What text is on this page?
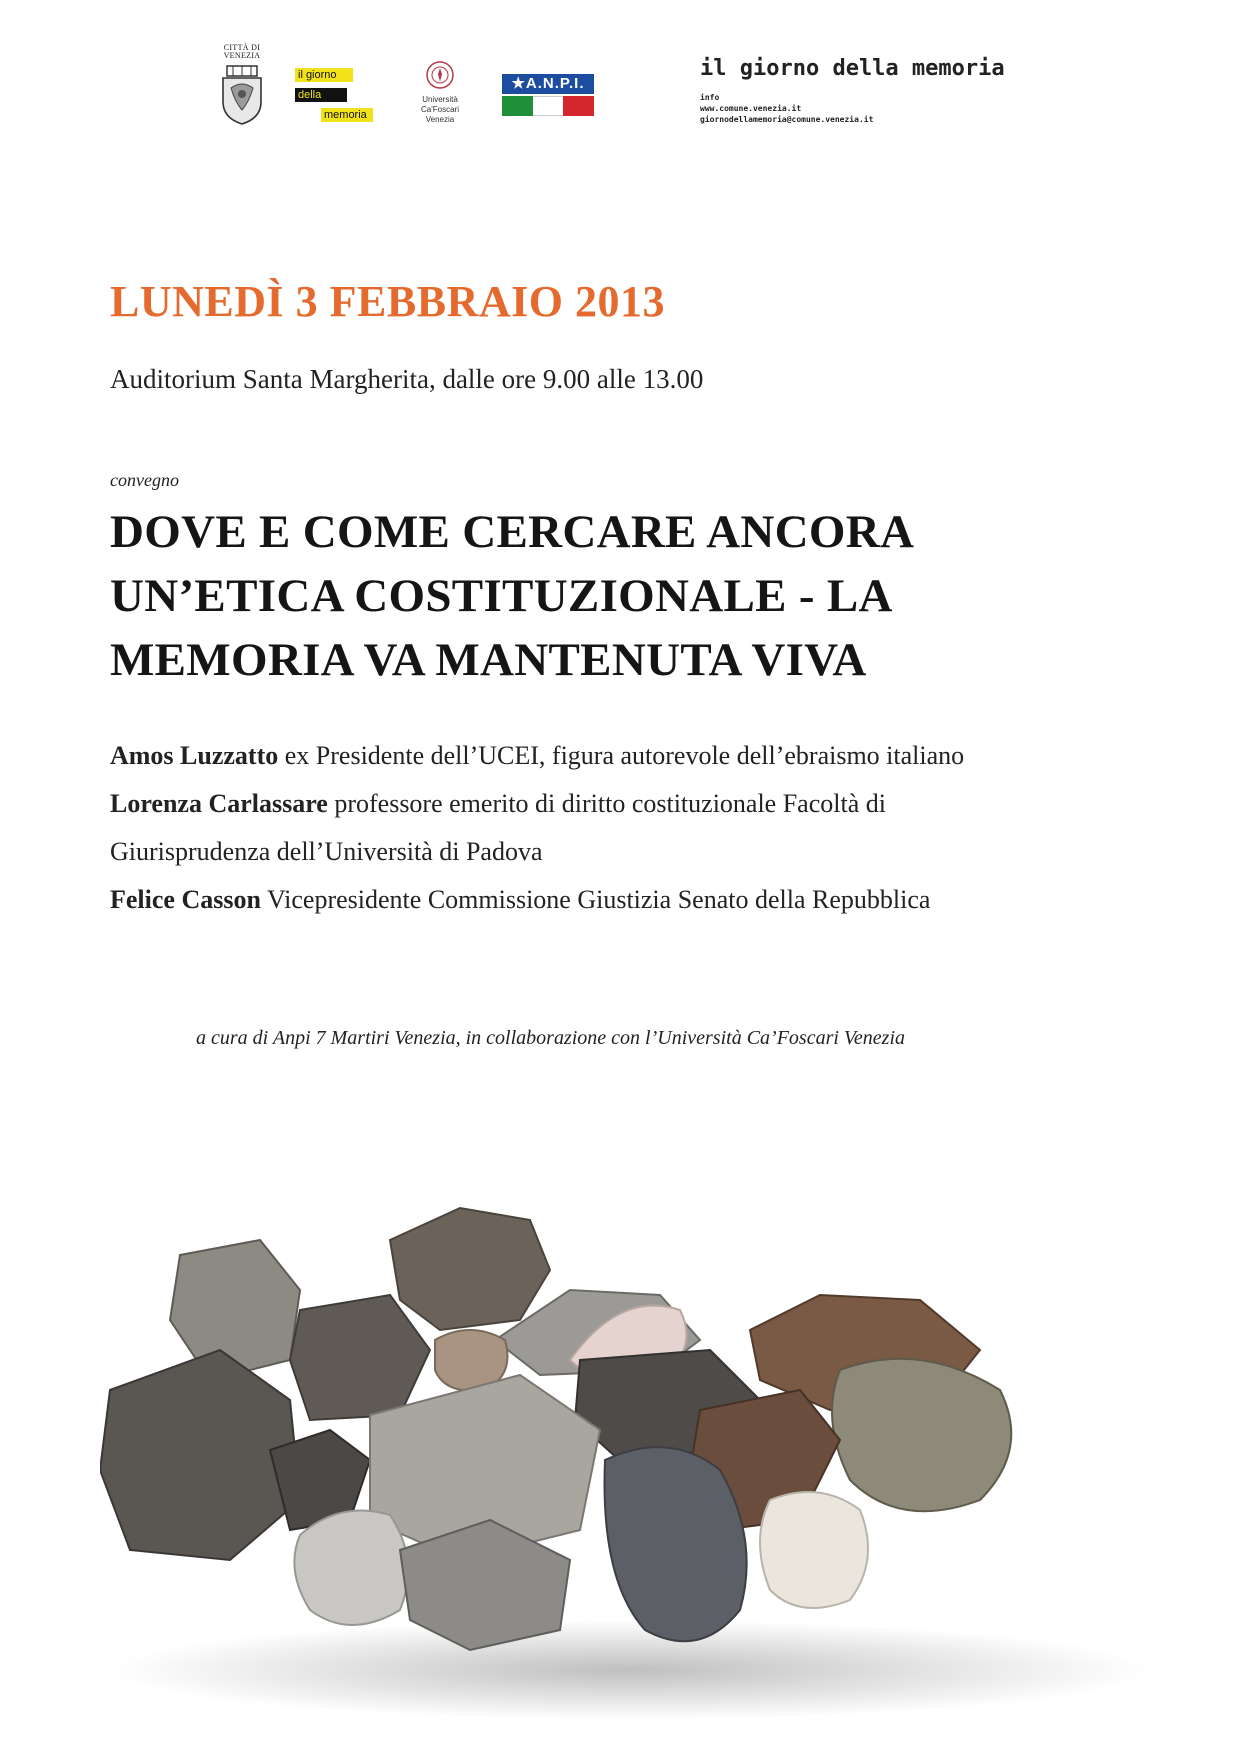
CITTÀ DI
VENEZIA
il giorno
della
memoria
Università
Ca'Foscari
Venezia
★A.N.P.I.
il giorno della memoria
info
www.comune.venezia.it
giornodellamemoria@comune.venezia.it
LUNEDÌ 3 FEBBRAIO 2013
Auditorium Santa Margherita, dalle ore 9.00 alle 13.00
convegno
DOVE E COME CERCARE ANCORA
UN’ETICA COSTITUZIONALE - LA
MEMORIA VA MANTENUTA VIVA
Amos Luzzatto ex Presidente dell’UCEI, figura autorevole dell’ebraismo italiano
Lorenza Carlassare professore emerito di diritto costituzionale Facoltà di
Giurisprudenza dell’Università di Padova
Felice Casson Vicepresidente Commissione Giustizia Senato della Repubblica
a cura di Anpi 7 Martiri Venezia, in collaborazione con l’Università Ca’Foscari Venezia
